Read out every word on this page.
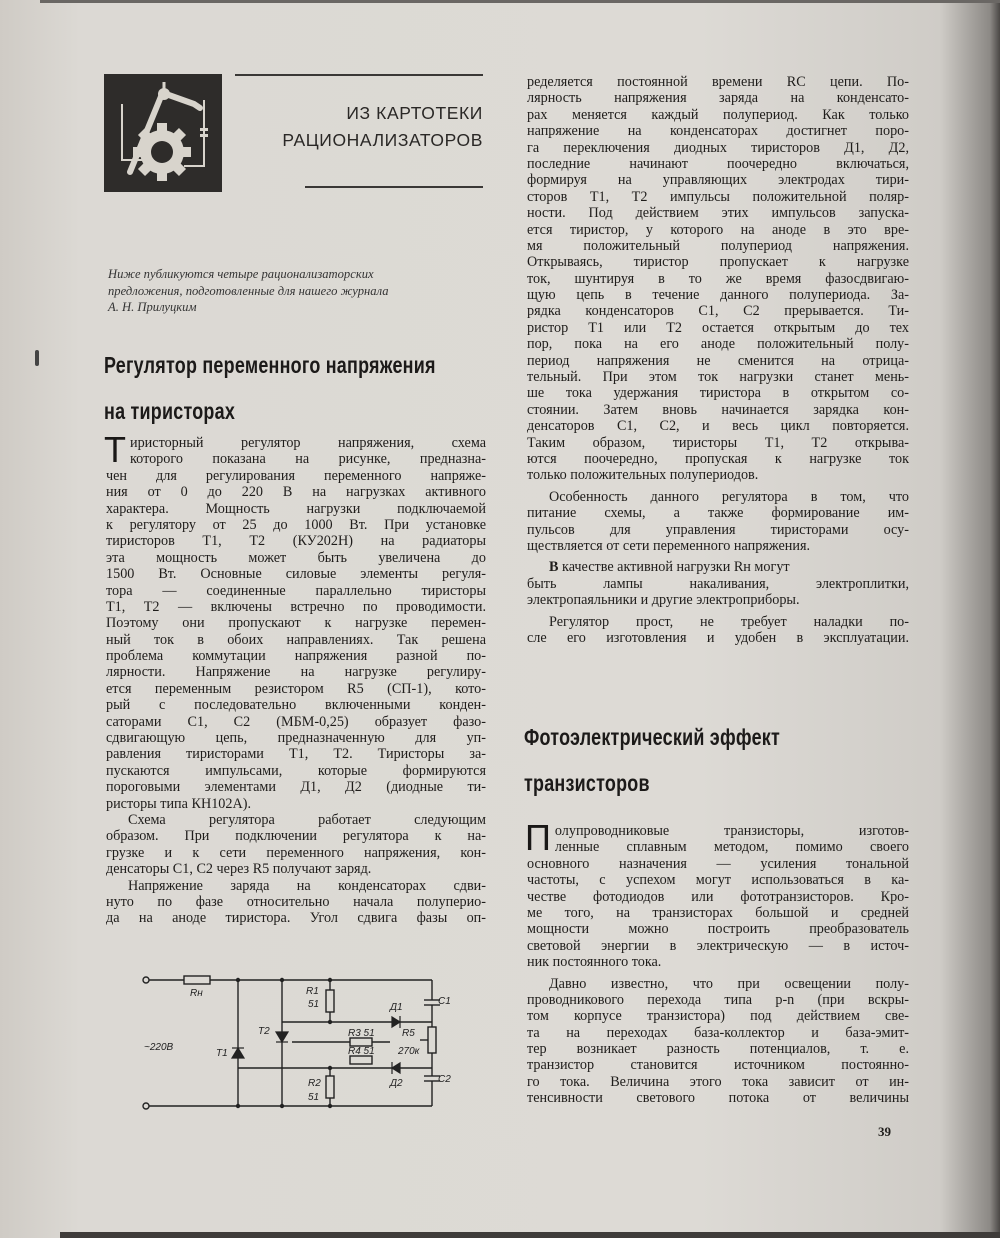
ИЗ КАРТОТЕКИ
РАЦИОНАЛИЗАТОРОВ
Ниже публикуются четыре рационализаторских
предложения, подготовленные для нашего журнала
А. Н. Прилуцким
Регулятор переменного напряжения
на тиристорах
Т иристорный регулятор напряжения, схема
которого показана на рисунке, предназна-
чен для регулирования переменного напряже-
ния от 0 до 220 В на нагрузках активного
характера. Мощность нагрузки подключаемой
к регулятору от 25 до 1000 Вт. При установке
тиристоров Т1, Т2 (КУ202Н) на радиаторы
эта мощность может быть увеличена до
1500 Вт. Основные силовые элементы регуля-
тора — соединенные параллельно тиристоры
Т1, Т2 — включены встречно по проводимости.
Поэтому они пропускают к нагрузке перемен-
ный ток в обоих направлениях. Так решена
проблема коммутации напряжения разной по-
лярности. Напряжение на нагрузке регулиру-
ется переменным резистором R5 (СП-1), кото-
рый с последовательно включенными конден-
саторами С1, С2 (МБМ-0,25) образует фазо-
сдвигающую цепь, предназначенную для уп-
равления тиристорами Т1, Т2. Тиристоры за-
пускаются импульсами, которые формируются
пороговыми элементами Д1, Д2 (диодные ти-
ристоры типа КН102А).
Схема регулятора работает следующим
образом. При подключении регулятора к на-
грузке и к сети переменного напряжения, кон-
денсаторы С1, С2 через R5 получают заряд.
Напряжение заряда на конденсаторах сдви-
нуто по фазе относительно начала полуперио-
да на аноде тиристора. Угол сдвига фазы оп-
ределяется постоянной времени RC цепи. По-
лярность напряжения заряда на конденсато-
рах меняется каждый полупериод. Как только
напряжение на конденсаторах достигнет поро-
га переключения диодных тиристоров Д1, Д2,
последние начинают поочередно включаться,
формируя на управляющих электродах тири-
сторов Т1, Т2 импульсы положительной поляр-
ности. Под действием этих импульсов запуска-
ется тиристор, у которого на аноде в это вре-
мя положительный полупериод напряжения.
Открываясь, тиристор пропускает к нагрузке
ток, шунтируя в то же время фазосдвигаю-
щую цепь в течение данного полупериода. За-
рядка конденсаторов С1, С2 прерывается. Ти-
ристор Т1 или Т2 остается открытым до тех
пор, пока на его аноде положительный полу-
период напряжения не сменится на отрица-
тельный. При этом ток нагрузки станет мень-
ше тока удержания тиристора в открытом со-
стоянии. Затем вновь начинается зарядка кон-
денсаторов С1, С2, и весь цикл повторяется.
Таким образом, тиристоры Т1, Т2 открыва-
ются поочередно, пропуская к нагрузке ток
только положительных полупериодов.
Особенность данного регулятора в том, что
питание схемы, а также формирование им-
пульсов для управления тиристорами осу-
ществляется от сети переменного напряжения.
В качестве активной нагрузки Rн могут
быть лампы накаливания, электроплитки,
электропаяльники и другие электроприборы.
Регулятор прост, не требует наладки по-
сле его изготовления и удобен в эксплуатации.
Rн	R1
51	Д1
С1
Т2	R3 51	R5
270к
~220В
Т1	R4 51
R2
51
Д2	С2
Фотоэлектрический эффект
транзисторов
П олупроводниковые транзисторы, изготов-
ленные сплавным методом, помимо своего
основного назначения — усиления тональной
частоты, с успехом могут использоваться в ка-
честве фотодиодов или фототранзисторов. Кро-
ме того, на транзисторах большой и средней
мощности можно построить преобразователь
световой энергии в электрическую — в источ-
ник постоянного тока.
Давно известно, что при освещении полу-
проводникового перехода типа p-n (при вскры-
том корпусе транзистора) под действием све-
та на переходах база-коллектор и база-эмит-
тер возникает разность потенциалов, т. е.
транзистор становится источником постоянно-
го тока. Величина этого тока зависит от ин-
тенсивности светового потока от величины
39
